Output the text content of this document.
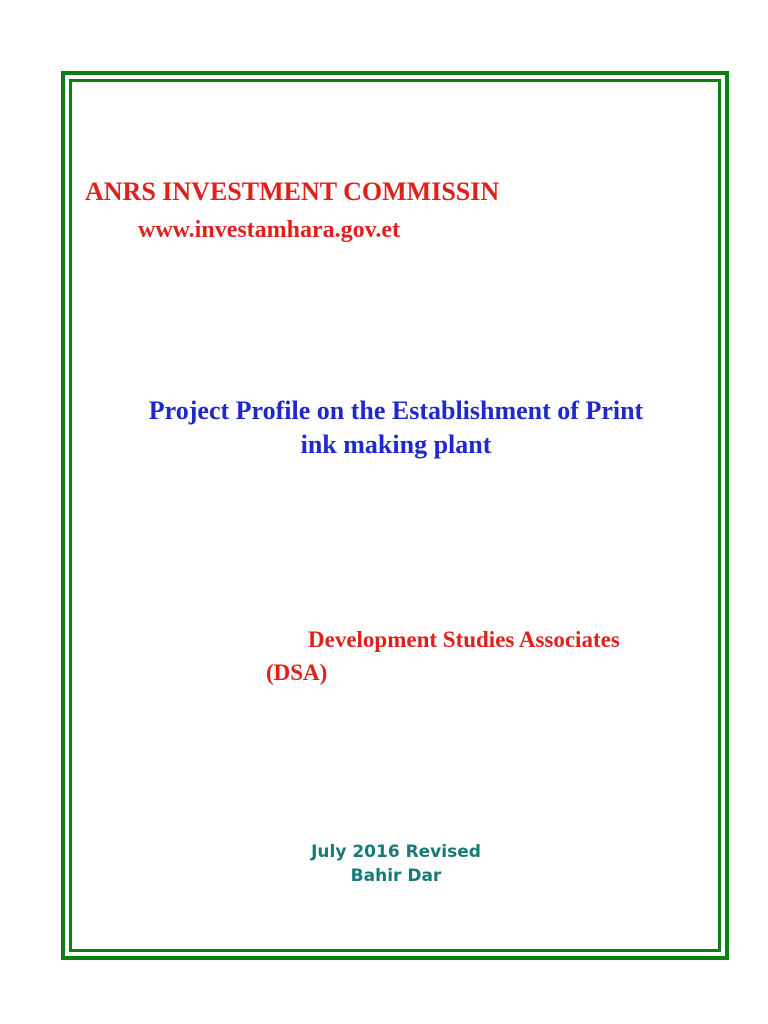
ANRS INVESTMENT COMMISSIN
www.investamhara.gov.et
Project Profile on the Establishment of Print
ink making plant
Development Studies Associates
(DSA)
July 2016 Revised
Bahir Dar
